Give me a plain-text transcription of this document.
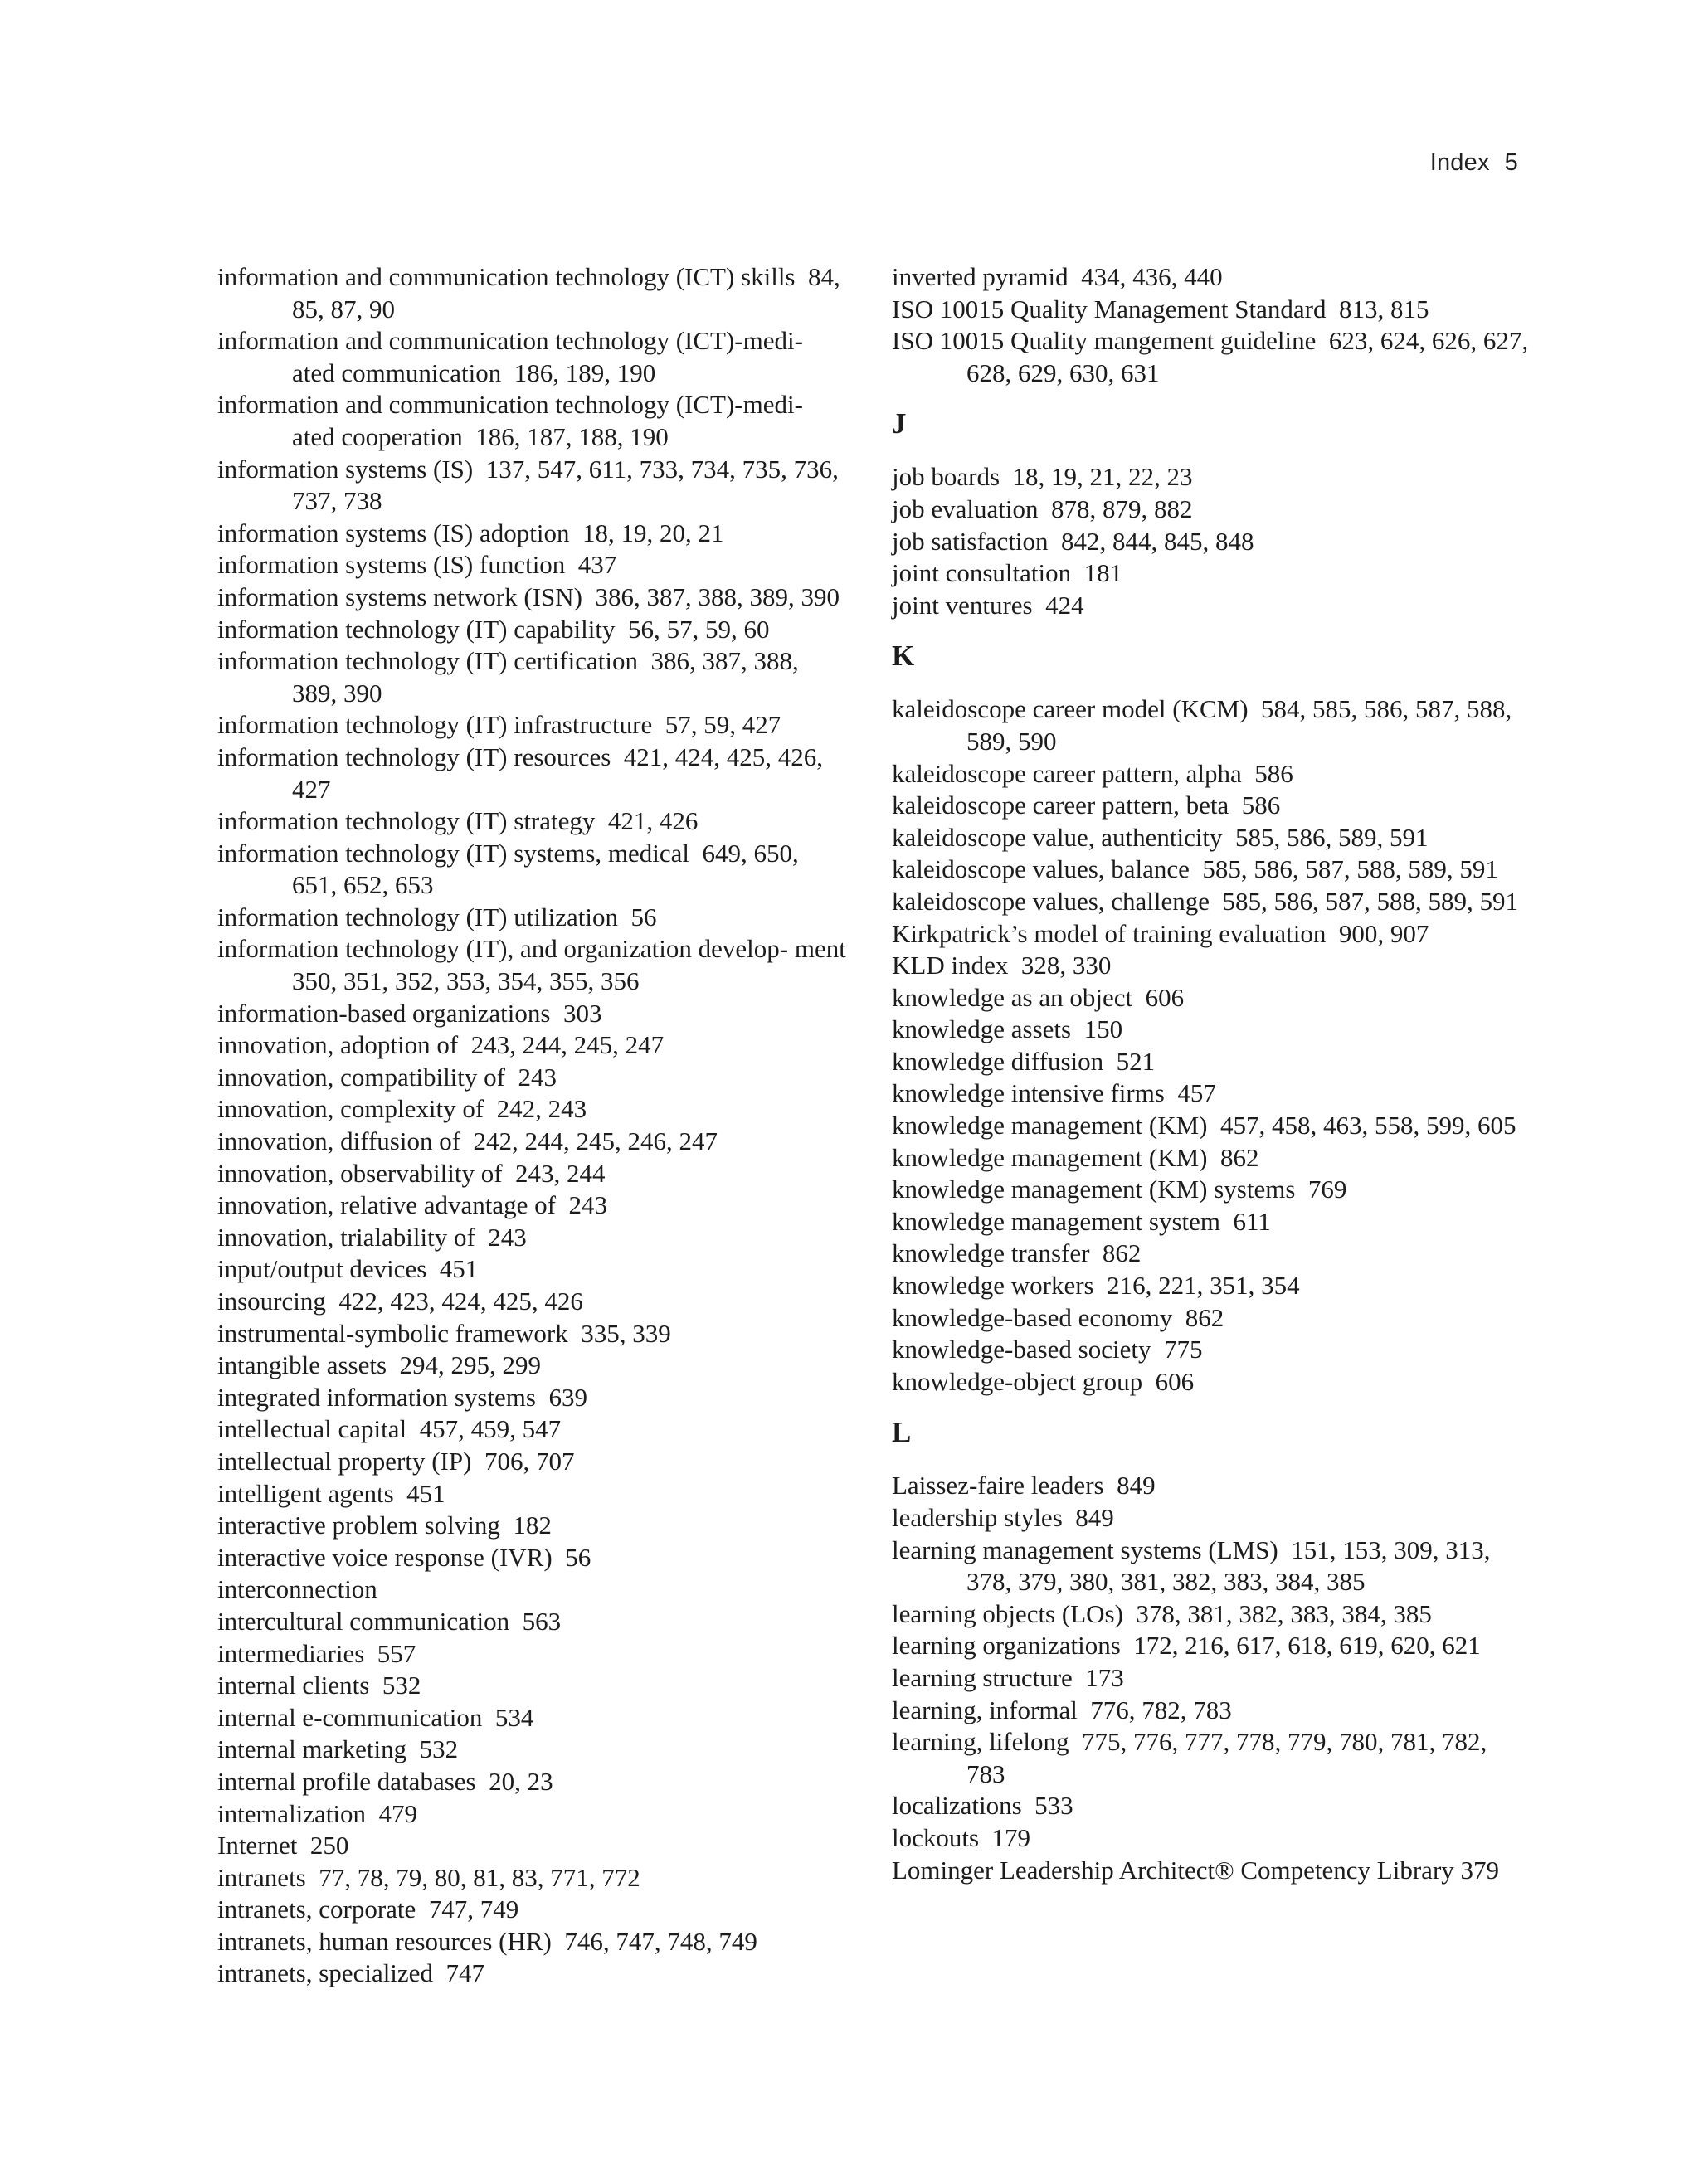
Index 5

information and communication technology (ICT) skills  84, 85, 87, 90

information and communication technology (ICT)-medi- ated communication  186, 189, 190

information and communication technology (ICT)-medi- ated cooperation  186, 187, 188, 190

information systems (IS)  137, 547, 611, 733, 734, 735, 736, 737, 738

information systems (IS) adoption  18, 19, 20, 21

information systems (IS) function  437

information systems network (ISN)  386, 387, 388, 389, 390

information technology (IT) capability  56, 57, 59, 60

information technology (IT) certification  386, 387, 388, 389, 390

information technology (IT) infrastructure  57, 59, 427

information technology (IT) resources  421, 424, 425, 426, 427

information technology (IT) strategy  421, 426

information technology (IT) systems, medical  649, 650, 651, 652, 653

information technology (IT) utilization  56

information technology (IT), and organization develop- ment  350, 351, 352, 353, 354, 355, 356

information-based organizations  303

innovation, adoption of  243, 244, 245, 247

innovation, compatibility of  243

innovation, complexity of  242, 243

innovation, diffusion of  242, 244, 245, 246, 247

innovation, observability of  243, 244

innovation, relative advantage of  243

innovation, trialability of  243

input/output devices  451

insourcing  422, 423, 424, 425, 426

instrumental-symbolic framework  335, 339

intangible assets  294, 295, 299

integrated information systems  639

intellectual capital  457, 459, 547

intellectual property (IP)  706, 707

intelligent agents  451

interactive problem solving  182

interactive voice response (IVR)  56

interconnection

intercultural communication  563

intermediaries  557

internal clients  532

internal e-communication  534

internal marketing  532

internal profile databases  20, 23

internalization  479

Internet  250

intranets  77, 78, 79, 80, 81, 83, 771, 772

intranets, corporate  747, 749

intranets, human resources (HR)  746, 747, 748, 749

intranets, specialized  747

inverted pyramid  434, 436, 440

ISO 10015 Quality Management Standard  813, 815

ISO 10015 Quality mangement guideline  623, 624, 626, 627, 628, 629, 630, 631

J

job boards  18, 19, 21, 22, 23

job evaluation  878, 879, 882

job satisfaction  842, 844, 845, 848

joint consultation  181

joint ventures  424

K

kaleidoscope career model (KCM)  584, 585, 586, 587, 588, 589, 590

kaleidoscope career pattern, alpha  586

kaleidoscope career pattern, beta  586

kaleidoscope value, authenticity  585, 586, 589, 591

kaleidoscope values, balance  585, 586, 587, 588, 589, 591

kaleidoscope values, challenge  585, 586, 587, 588, 589, 591

Kirkpatrick’s model of training evaluation  900, 907

KLD index  328, 330

knowledge as an object  606

knowledge assets  150

knowledge diffusion  521

knowledge intensive firms  457

knowledge management (KM)  457, 458, 463, 558, 599, 605

knowledge management (KM)  862

knowledge management (KM) systems  769

knowledge management system  611

knowledge transfer  862

knowledge workers  216, 221, 351, 354

knowledge-based economy  862

knowledge-based society  775

knowledge-object group  606

L

Laissez-faire leaders  849

leadership styles  849

learning management systems (LMS)  151, 153, 309, 313, 378, 379, 380, 381, 382, 383, 384, 385

learning objects (LOs)  378, 381, 382, 383, 384, 385

learning organizations  172, 216, 617, 618, 619, 620, 621

learning structure  173

learning, informal  776, 782, 783

learning, lifelong  775, 776, 777, 778, 779, 780, 781, 782, 783

localizations  533

lockouts  179

Lominger Leadership Architect® Competency Library 379
